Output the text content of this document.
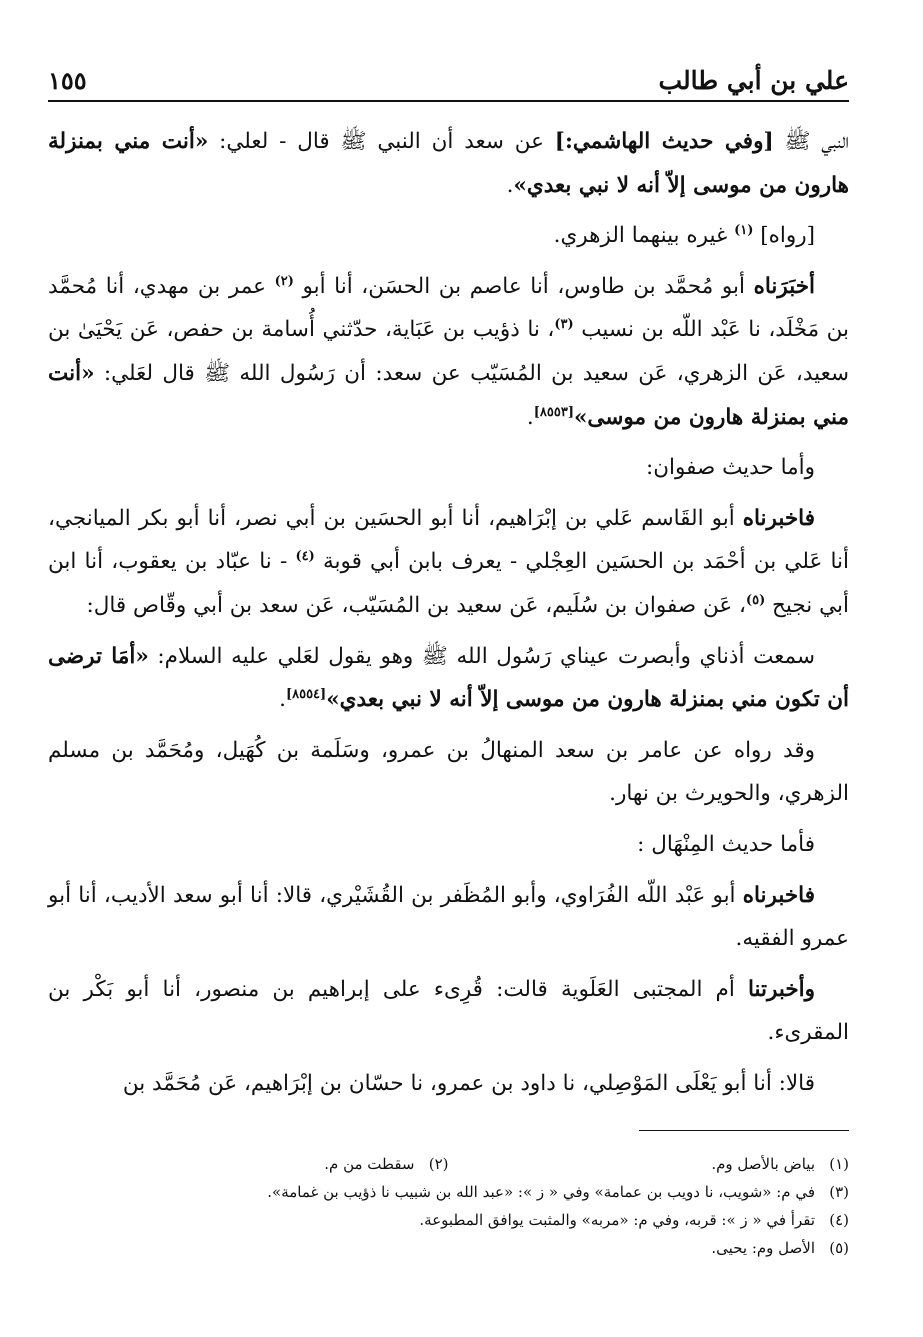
علي بن أبي طالب
١٥٥

النبي ﷺ [وفي حديث الهاشمي:] عن سعد أن النبي ﷺ قال - لعلي: «أنت مني بمنزلة هارون من موسى إلاّ أنه لا نبي بعدي».

[رواه] $^{(١)}$ غيره بينهما الزهري.

أخبَرَناه أبو مُحمَّد بن طاوس، أنا عاصم بن الحسَن، أنا أبو $^{(٢)}$ عمر بن مهدي، أنا مُحمَّد بن مَخْلَد، نا عَبْد اللّه بن نسيب $^{(٣)}$، نا ذؤيب بن عَبَاية، حدّثني أُسامة بن حفص، عَن يَحْيَىٰ بن سعيد، عَن الزهري، عَن سعيد بن المُسَيّب عن سعد: أن رَسُول الله ﷺ قال لعَلي: «أنت مني بمنزلة هارون من موسى»[٨٥٥٣].

وأما حديث صفوان:

فاخبرناه أبو القَاسم عَلي بن إبْرَاهيم، أنا أبو الحسَين بن أبي نصر، أنا أبو بكر الميانجي، أنا عَلي بن أحْمَد بن الحسَين العِجْلي - يعرف بابن أبي قوبة $^{(٤)}$ - نا عبّاد بن يعقوب، أنا ابن أبي نجيح $^{(٥)}$، عَن صفوان بن سُلَيم، عَن سعيد بن المُسَيّب، عَن سعد بن أبي وقّاص قال:

سمعت أذناي وأبصرت عيناي رَسُول الله ﷺ وهو يقول لعَلي عليه السلام: «أمَا ترضى أن تكون مني بمنزلة هارون من موسى إلاّ أنه لا نبي بعدي»[٨٥٥٤].

وقد رواه عن عامر بن سعد المنهالُ بن عمرو، وسَلَمة بن كُهَيل، ومُحَمَّد بن مسلم الزهري، والحويرث بن نهار.

فأما حديث المِنْهَال :

فاخبرناه أبو عَبْد اللّه الفُرَاوي، وأبو المُظَفر بن القُشَيْري، قالا: أنا أبو سعد الأديب، أنا أبو عمرو الفقيه.

وأخبرتنا أم المجتبى العَلَوية قالت: قُرِىء على إبراهيم بن منصور، أنا أبو بَكْر بن المقرىء.

قالا: أنا أبو يَعْلَى المَوْصِلي، نا داود بن عمرو، نا حسّان بن إبْرَاهيم، عَن مُحَمَّد بن

(١)
بياض بالأصل وم.
(٢)
سقطت من م.
(٣)
في م: «شويب، نا دويب بن عمامة» وفي « ز »: «عبد الله بن شبيب نا ذؤيب بن غمامة».
(٤)
تقرأ في « ز »: قربه، وفي م: «مربه» والمثبت يوافق المطبوعة.
(٥)
الأصل وم: يحيى.
